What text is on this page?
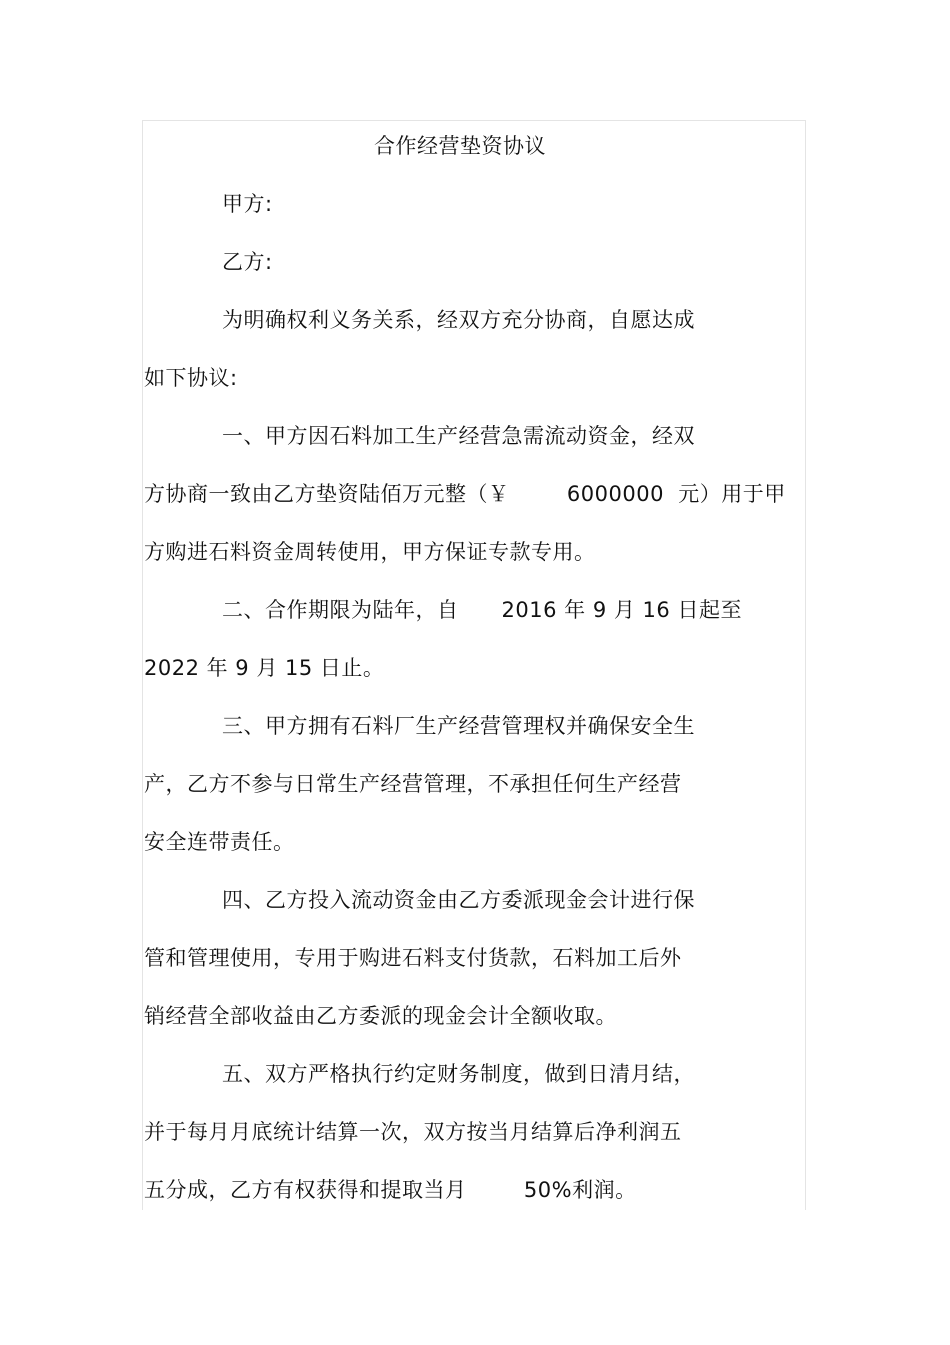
合作经营垫资协议
甲方:
乙方:
为明确权利义务关系，经双方充分协商，自愿达成
如下协议:
一、甲方因石料加工生产经营急需流动资金，经双
方协商一致由乙方垫资陆佰万元整（￥        6000000  元）用于甲
方购进石料资金周转使用，甲方保证专款专用。
二、合作期限为陆年，自      2016 年 9 月 16 日起至
2022 年 9 月 15 日止。
三、甲方拥有石料厂生产经营管理权并确保安全生
产，乙方不参与日常生产经营管理，不承担任何生产经营
安全连带责任。
四、乙方投入流动资金由乙方委派现金会计进行保
管和管理使用，专用于购进石料支付货款，石料加工后外
销经营全部收益由乙方委派的现金会计全额收取。
五、双方严格执行约定财务制度，做到日清月结，
并于每月月底统计结算一次，双方按当月结算后净利润五
五分成，乙方有权获得和提取当月        50%利润。
